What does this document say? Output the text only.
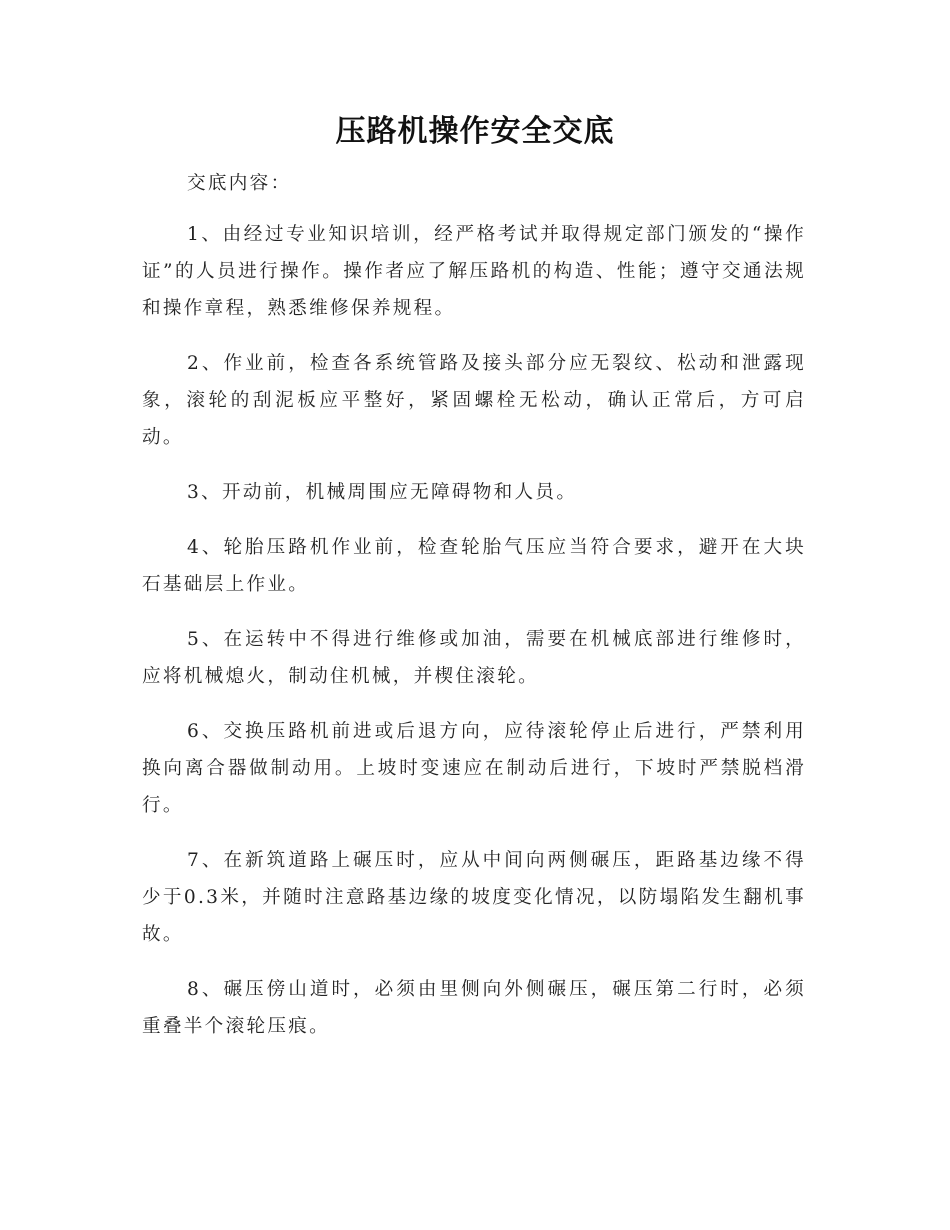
压路机操作安全交底

交底内容：

1、由经过专业知识培训，经严格考试并取得规定部门颁发的“操作证”的人员进行操作。操作者应了解压路机的构造、性能；遵守交通法规和操作章程，熟悉维修保养规程。

2、作业前，检查各系统管路及接头部分应无裂纹、松动和泄露现象，滚轮的刮泥板应平整好，紧固螺栓无松动，确认正常后，方可启动。

3、开动前，机械周围应无障碍物和人员。

4、轮胎压路机作业前，检查轮胎气压应当符合要求，避开在大块石基础层上作业。

5、在运转中不得进行维修或加油，需要在机械底部进行维修时，应将机械熄火，制动住机械，并楔住滚轮。

6、交换压路机前进或后退方向，应待滚轮停止后进行，严禁利用换向离合器做制动用。上坡时变速应在制动后进行，下坡时严禁脱档滑行。

7、在新筑道路上碾压时，应从中间向两侧碾压，距路基边缘不得少于0.3米，并随时注意路基边缘的坡度变化情况，以防塌陷发生翻机事故。

8、碾压傍山道时，必须由里侧向外侧碾压，碾压第二行时，必须重叠半个滚轮压痕。
